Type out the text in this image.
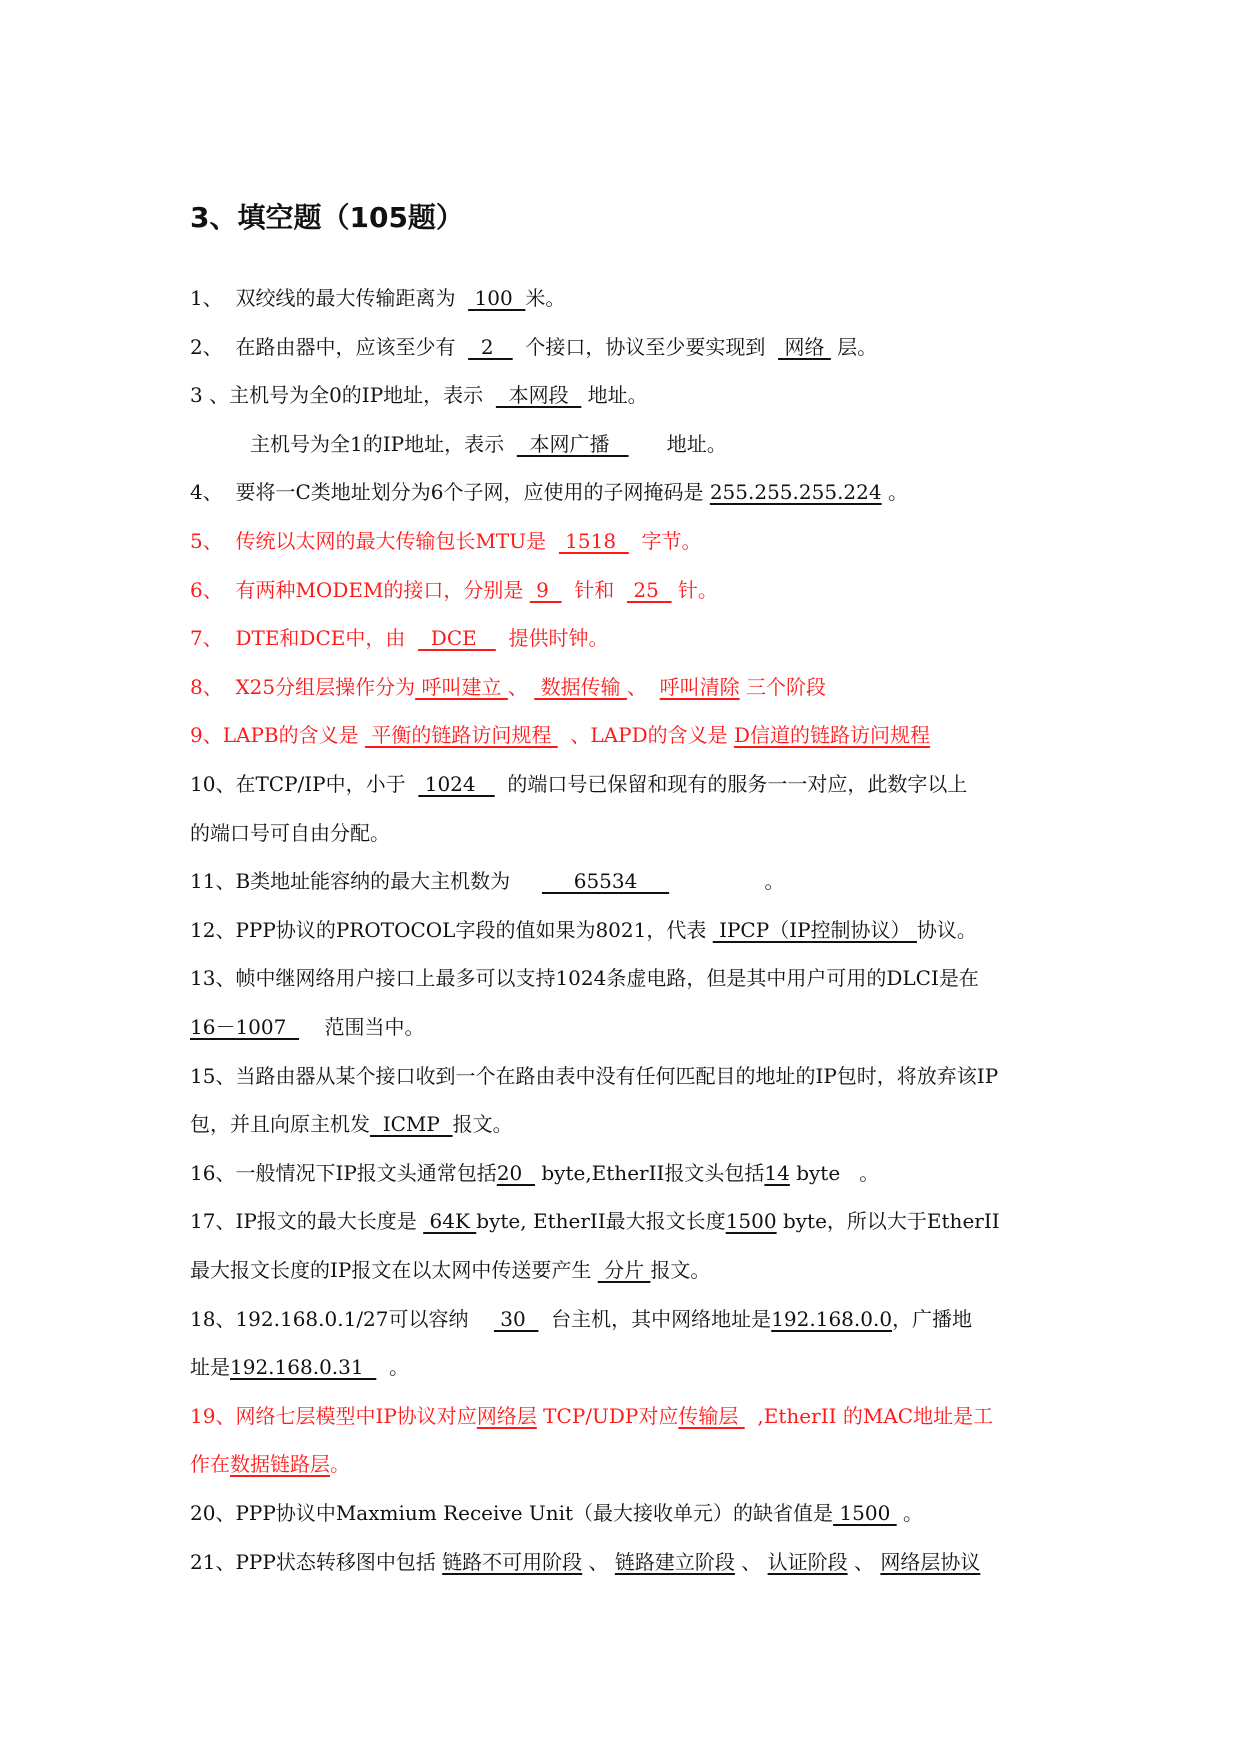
3、填空题（105题）
1、  双绞线的最大传输距离为   100  米。
2、  在路由器中，应该至少有    2     个接口，协议至少要实现到   网络  层。
3 、主机号为全0的IP地址，表示    本网段   地址。
主机号为全1的IP地址，表示    本网广播         地址。
4、  要将一C类地址划分为6个子网，应使用的子网掩码是 255.255.255.224 。
5、  传统以太网的最大传输包长MTU是   1518    字节。
6、  有两种MODEM的接口，分别是  9    针和   25   针。
7、  DTE和DCE中，由    DCE     提供时钟。
8、  X25分组层操作分为 呼叫建立 、  数据传输 、  呼叫清除 三个阶段
9、LAPB的含义是  平衡的链路访问规程   、LAPD的含义是 D信道的链路访问规程
10、在TCP/IP中，小于   1024     的端口号已保留和现有的服务一一对应，此数字以上
的端口号可自由分配。
11、B类地址能容纳的最大主机数为          65534                    。
12、PPP协议的PROTOCOL字段的值如果为8021，代表  IPCP（IP控制协议） 协议。
13、帧中继网络用户接口上最多可以支持1024条虚电路，但是其中用户可用的DLCI是在
16－1007      范围当中。
15、当路由器从某个接口收到一个在路由表中没有任何匹配目的地址的IP包时，将放弃该IP
包，并且向原主机发  ICMP  报文。
16、一般情况下IP报文头通常包括20   byte,EtherII报文头包括14 byte   。
17、IP报文的最大长度是  64K byte, EtherII最大报文长度1500 byte，所以大于EtherII
最大报文长度的IP报文在以太网中传送要产生  分片 报文。
18、192.168.0.1/27可以容纳     30    台主机，其中网络地址是192.168.0.0，广播地
址是192.168.0.31    。
19、网络七层模型中IP协议对应网络层 TCP/UDP对应传输层   ,EtherII 的MAC地址是工
作在数据链路层。
20、PPP协议中Maxmium Receive Unit（最大接收单元）的缺省值是 1500  。
21、PPP状态转移图中包括 链路不可用阶段 、 链路建立阶段 、 认证阶段 、 网络层协议
